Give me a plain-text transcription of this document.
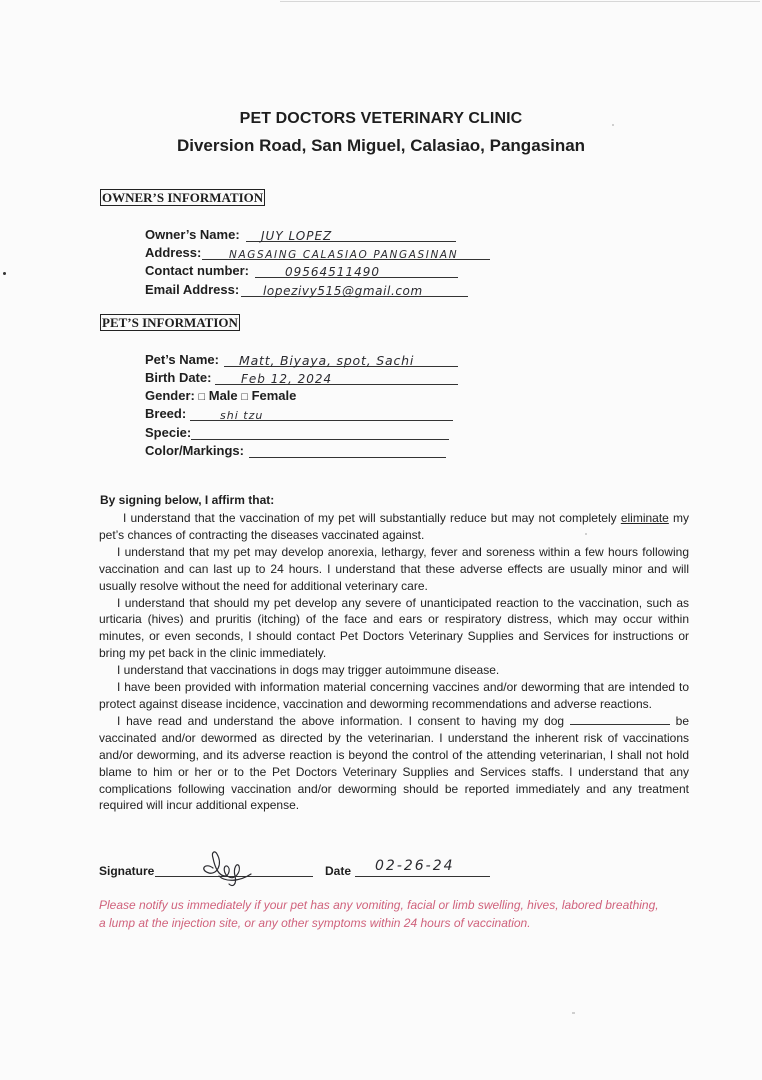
PET DOCTORS VETERINARY CLINIC
Diversion Road, San Miguel, Calasiao, Pangasinan
OWNER’S INFORMATION
Owner’s Name: JUY LOPEZ
Address:	NAGSAING CALASIAO PANGASINAN
Contact number:	09564511490
Email Address: lopezivy515@gmail.com
PET’S INFORMATION
Pet’s Name: Matt, Biyaya, spot, Sachi
Birth Date: Feb 12, 2024
Gender: □ Male □ Female
Breed:	shi tzu
Specie:
Color/Markings:
By signing below, I affirm that:

I understand that the vaccination of my pet will substantially reduce but may not completely eliminate my pet’s chances of contracting the diseases vaccinated against.

I understand that my pet may develop anorexia, lethargy, fever and soreness within a few hours following vaccination and can last up to 24 hours. I understand that these adverse effects are usually minor and will usually resolve without the need for additional veterinary care.

I understand that should my pet develop any severe of unanticipated reaction to the vaccination, such as urticaria (hives) and pruritis (itching) of the face and ears or respiratory distress, which may occur within minutes, or even seconds, I should contact Pet Doctors Veterinary Supplies and Services for instructions or bring my pet back in the clinic immediately.

I understand that vaccinations in dogs may trigger autoimmune disease.

I have been provided with information material concerning vaccines and/or deworming that are intended to protect against disease incidence, vaccination and deworming recommendations and adverse reactions.

I have read and understand the above information. I consent to having my dog	be vaccinated and/or dewormed as directed by the veterinarian. I understand the inherent risk of vaccinations and/or deworming, and its adverse reaction is beyond the control of the attending veterinarian, I shall not hold blame to him or her or to the Pet Doctors Veterinary Supplies and Services staffs. I understand that any complications following vaccination and/or deworming should be reported immediately and any treatment required will incur additional expense.

Signature	Date 02-26-24
Please notify us immediately if your pet has any vomiting, facial or limb swelling, hives, labored breathing, a lump at the injection site, or any other symptoms within 24 hours of vaccination.
